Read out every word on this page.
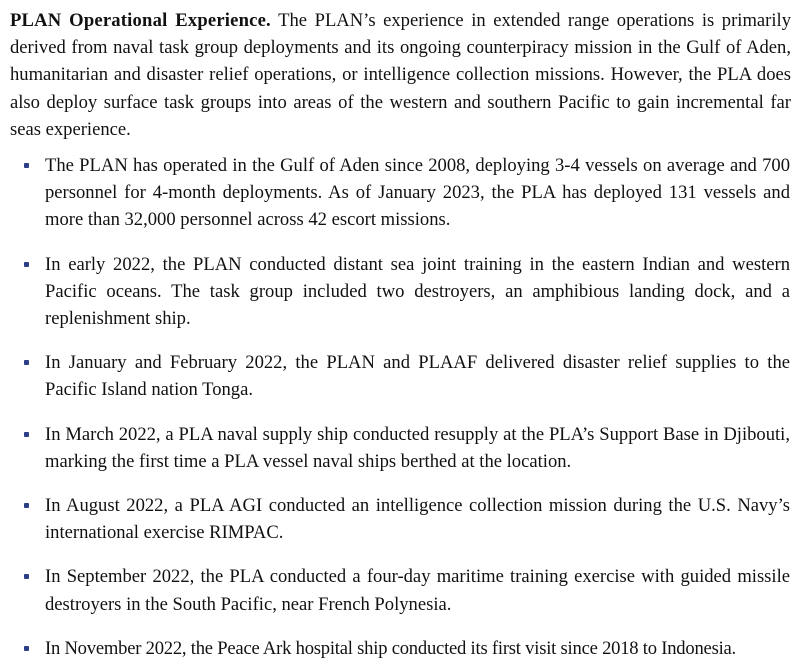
PLAN Operational Experience. The PLAN’s experience in extended range operations is primarily derived from naval task group deployments and its ongoing counterpiracy mission in the Gulf of Aden, humanitarian and disaster relief operations, or intelligence collection missions. However, the PLA does also deploy surface task groups into areas of the western and southern Pacific to gain incremental far seas experience.

The PLAN has operated in the Gulf of Aden since 2008, deploying 3-4 vessels on average and 700 personnel for 4-month deployments. As of January 2023, the PLA has deployed 131 vessels and more than 32,000 personnel across 42 escort missions.
In early 2022, the PLAN conducted distant sea joint training in the eastern Indian and western Pacific oceans. The task group included two destroyers, an amphibious landing dock, and a replenishment ship.
In January and February 2022, the PLAN and PLAAF delivered disaster relief supplies to the Pacific Island nation Tonga.
In March 2022, a PLA naval supply ship conducted resupply at the PLA’s Support Base in Djibouti, marking the first time a PLA vessel naval ships berthed at the location.
In August 2022, a PLA AGI conducted an intelligence collection mission during the U.S. Navy’s international exercise RIMPAC.
In September 2022, the PLA conducted a four-day maritime training exercise with guided missile destroyers in the South Pacific, near French Polynesia.
In November 2022, the Peace Ark hospital ship conducted its first visit since 2018 to Indonesia.
